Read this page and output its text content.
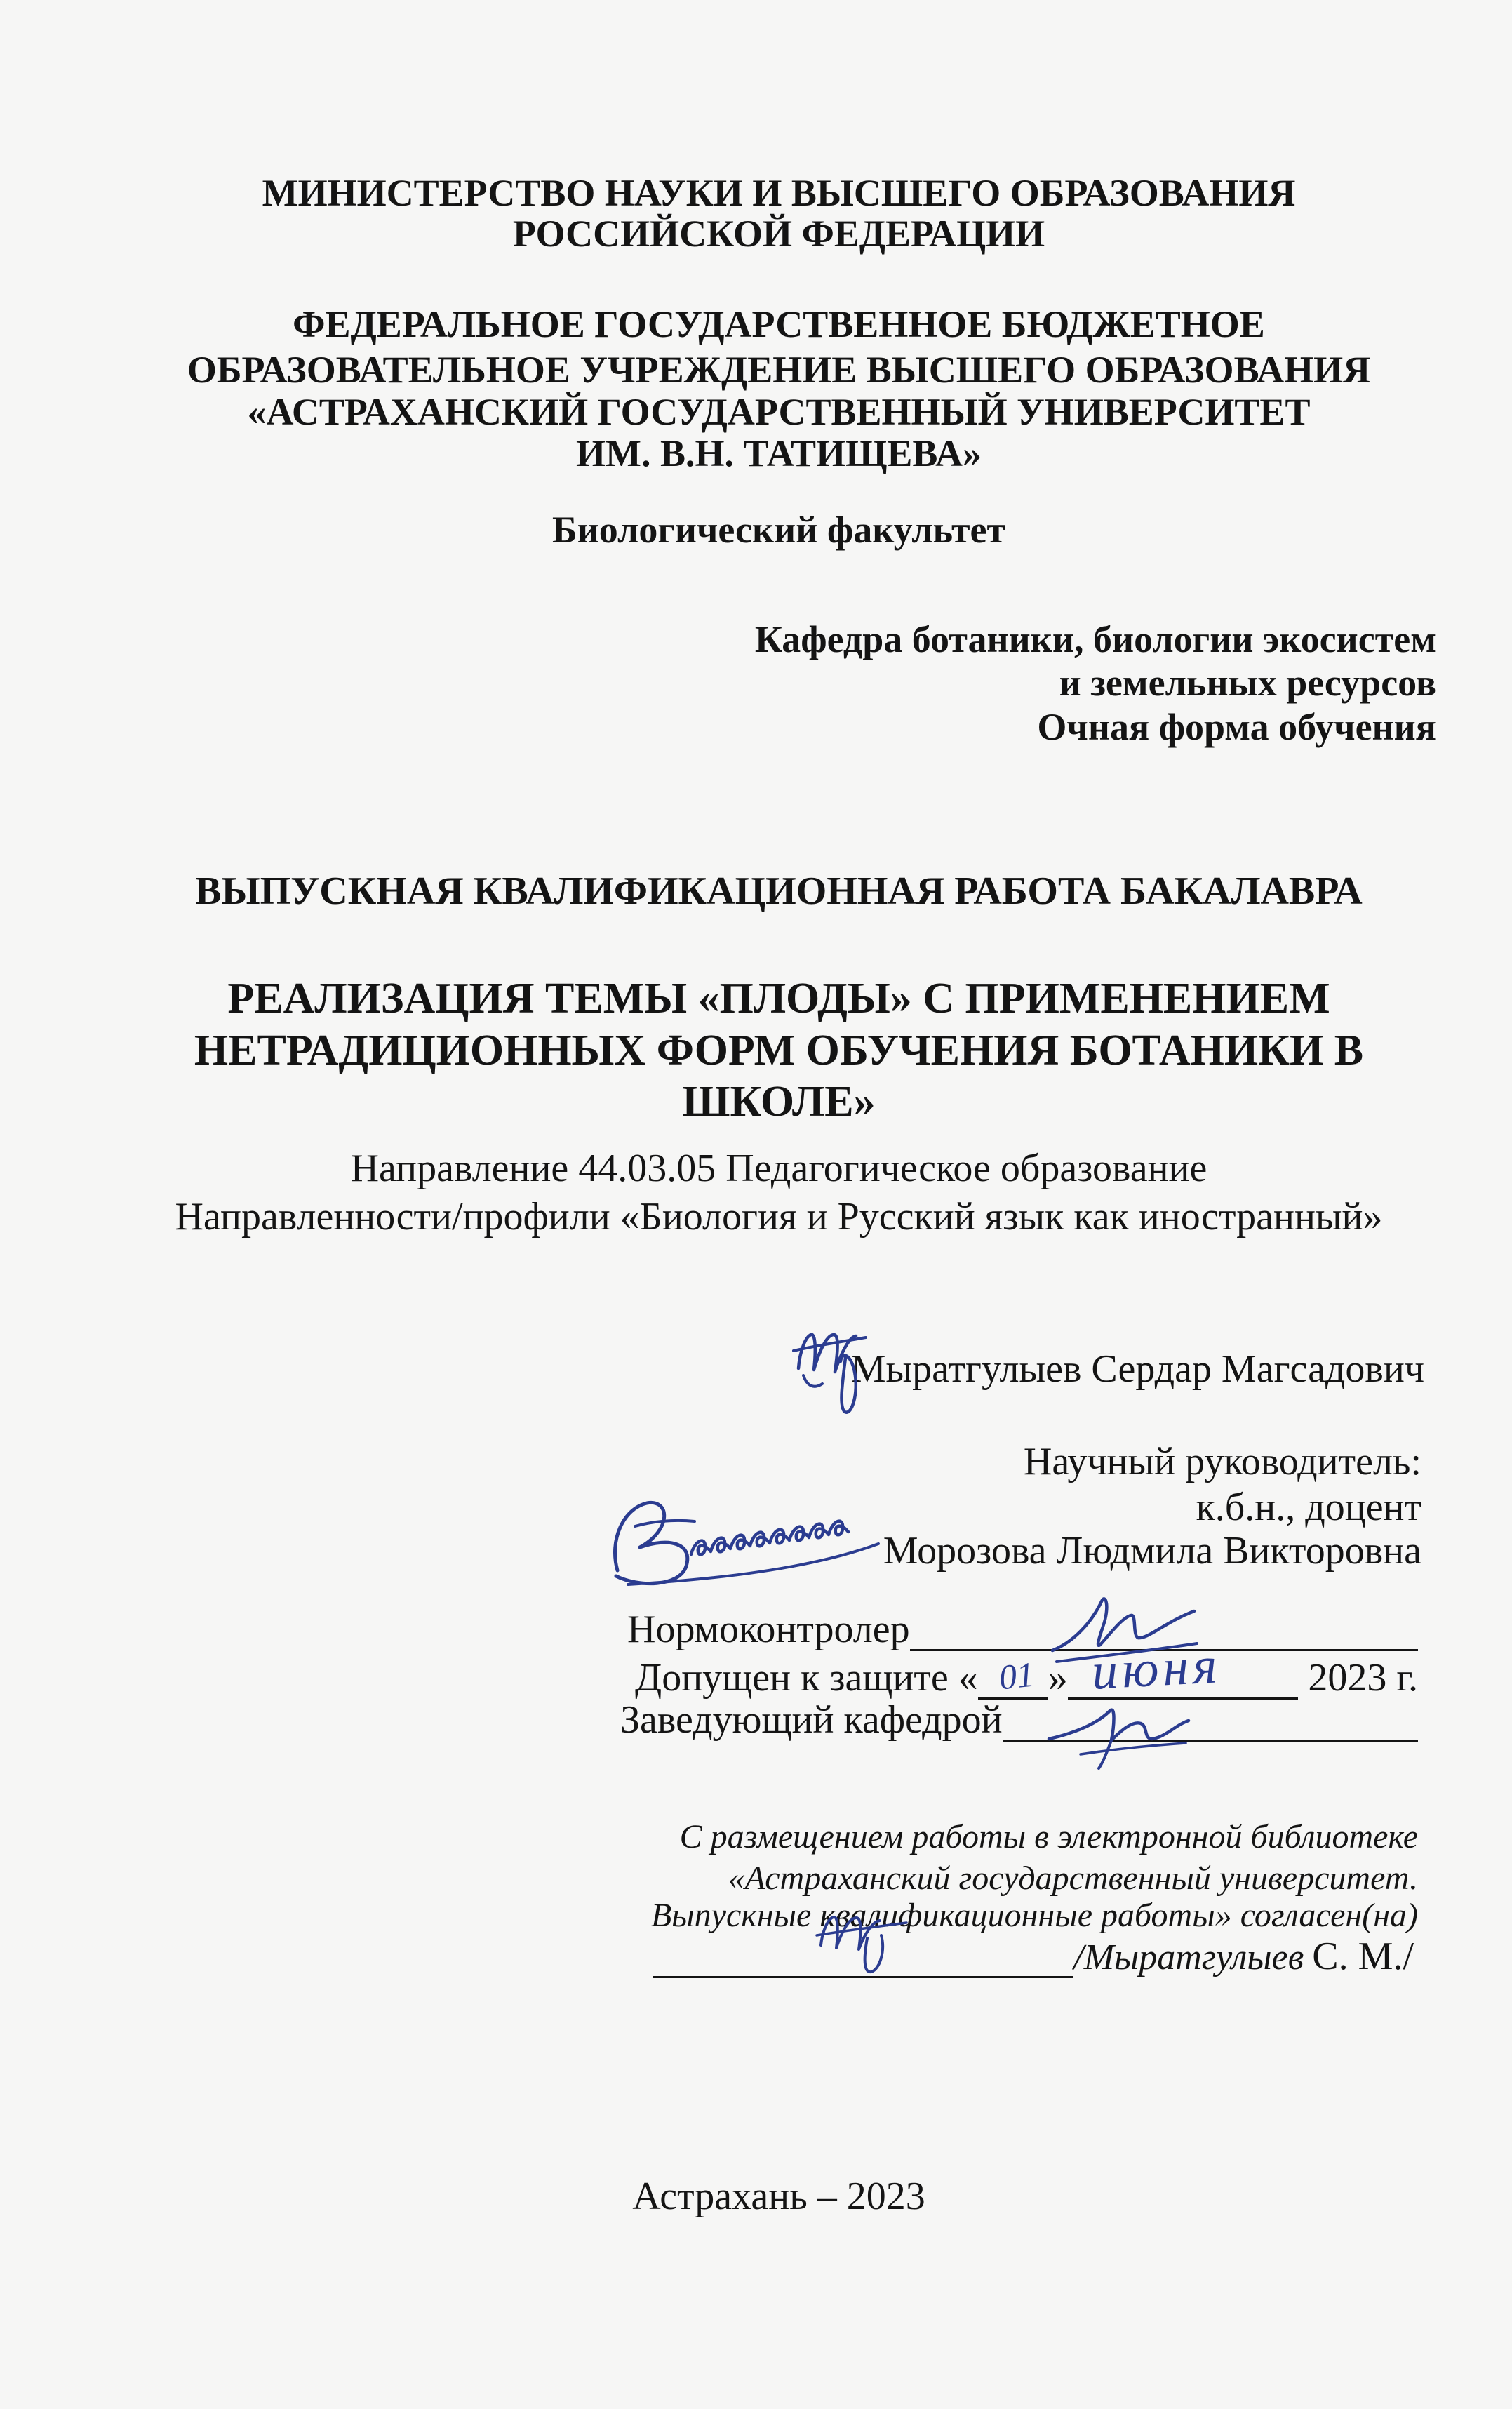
МИНИСТЕРСТВО НАУКИ И ВЫСШЕГО ОБРАЗОВАНИЯ
РОССИЙСКОЙ ФЕДЕРАЦИИ
ФЕДЕРАЛЬНОЕ ГОСУДАРСТВЕННОЕ БЮДЖЕТНОЕ
ОБРАЗОВАТЕЛЬНОЕ УЧРЕЖДЕНИЕ ВЫСШЕГО ОБРАЗОВАНИЯ
«АСТРАХАНСКИЙ ГОСУДАРСТВЕННЫЙ УНИВЕРСИТЕТ
ИМ. В.Н. ТАТИЩЕВА»
Биологический факультет
Кафедра ботаники, биологии экосистем
и земельных ресурсов
Очная форма обучения
ВЫПУСКНАЯ КВАЛИФИКАЦИОННАЯ РАБОТА БАКАЛАВРА
РЕАЛИЗАЦИЯ ТЕМЫ «ПЛОДЫ» С ПРИМЕНЕНИЕМ
НЕТРАДИЦИОННЫХ ФОРМ ОБУЧЕНИЯ БОТАНИКИ В
ШКОЛЕ»
Направление 44.03.05 Педагогическое образование
Направленности/профили «Биология и Русский язык как иностранный»
Мыратгулыев Сердар Магсадович
Научный руководитель:
к.б.н., доцент
Морозова Людмила Викторовна
Нормоконтролер
Допущен к защите « 01 » июня 2023 г.
Заведующий кафедрой
С размещением работы в электронной библиотеке
«Астраханский государственный университет.
Выпускные квалификационные работы» согласен(на)
/Мыратгулыев С. М./
Астрахань – 2023
